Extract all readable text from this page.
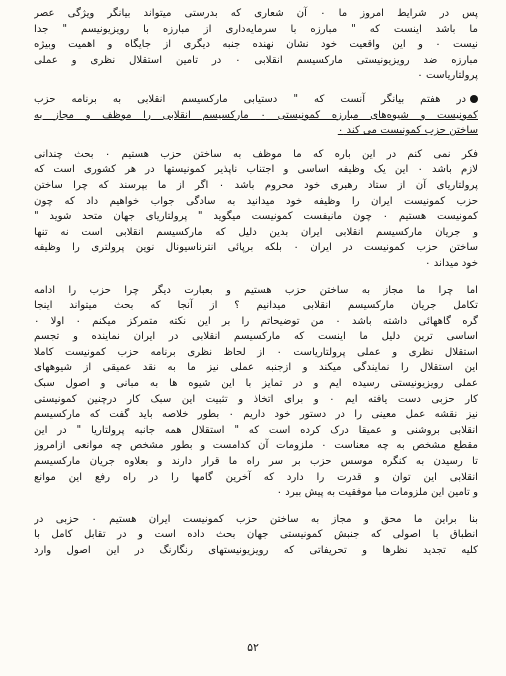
پس در شرایط امروز ما ۰ آن شعاری که بدرستی میتواند بیانگر ویژگی عصر
ما باشد اینست که " مبارزه با سرمایه‌داری از مبارزه با رویزیونیسم " جدا
نیست ۰ و این واقعیت خود نشان نهنده جنبه دیگری از جایگاه و اهمیت وبیژه
مبارزه ضد رویزیونیستی مارکسیسم انقلابی ۰ در تامین استقلال نظری و عملی
پرولتاریاست ۰
در هفتم بیانگر آنست که " دستیابی مارکسیسم انقلابی به برنامه حزب
کمونیست و شیوه‌های مبارزه کمونیستی ۰ مارکسیسم انقلابی را موظف و مجاز به
ساختن حزب کمونیست می کند ۰
فکر نمی کنم در این باره که ما موظف به ساختن حزب هستیم ۰ بحث چندانی
لازم باشد ۰ این یک وظیفه اساسی و اجتناب ناپذیر کمونیستها در هر کشوری است که
پرولتاریای آن از ستاد رهبری خود محروم باشد ۰ اگر از ما بپرسند که چرا ساختن
حزب کمونیست ایران را وظیفه خود میدانید به سادگی جواب خواهیم داد که چون
کمونیست هستیم ۰ چون مانیفست کمونیست میگوید " پرولتاریای جهان متحد شوید "
و جریان مارکسیسم انقلابی ایران بدین دلیل که مارکسیسم انقلابی است نه تنها
ساختن حزب کمونیست در ایران ۰ بلکه برپائی انترناسیونال نوین پرولتری را وظیفه
خود میداند ۰
اما چرا ما مجاز به ساختن حزب هستیم و بعبارت دیگر چرا حزب را ادامه
تکامل جریان مارکسیسم انقلابی میدانیم ؟ از آنجا که بحث میتواند اینجا
گره گاههائی داشته باشد ۰ من توضیحاتم را بر این نکته متمرکز میکنم ۰ اولا ۰
اساسی ترین دلیل ما اینست که مارکسیسم انقلابی در ایران نماینده و تجسم
استقلال نظری و عملی پرولتاریاست ۰ از لحاظ نظری برنامه حزب کمونیست کاملا
این استقلال را نمایندگی میکند و ازجنبه عملی نیز ما به نقد عمیقی از شیوههای
عملی رویزیونیستی رسیده ایم و در تمایز با این شیوه ها به مبانی و اصول سبک
کار حزبی دست یافته ایم ۰ و برای اتخاذ و تثبیت این سبک کار درچنین کمونیستی
نیز نقشه عمل معینی را در دستور خود داریم ۰ بطور خلاصه باید گفت که مارکسیسم
انقلابی بروشنی و عمیقا درک کرده است که " استقلال همه جانبه پرولتاریا " در این
مقطع مشخص به چه معناست ۰ ملزومات آن کدامست و بطور مشخص چه موانعی ازامروز
تا رسیدن به کنگره موسس حزب بر سر راه ما قرار دارند و بعلاوه جریان مارکسیسم
انقلابی این توان و قدرت را دارد که آخرین گامها را در راه رفع این موانع
و تامین این ملزومات مبا موفقیت به پیش ببرد ۰
بنا براین ما محق و مجاز به ساختن حزب کمونیست ایران هستیم ۰ حزبی در
انطباق با اصولی که جنبش کمونیستی جهان بحث داده است و در تقابل کامل با
کلیه تجدید نظرها و تحریفاتی که رویزیونیستهای رنگارنگ در این اصول وارد
۵۲
